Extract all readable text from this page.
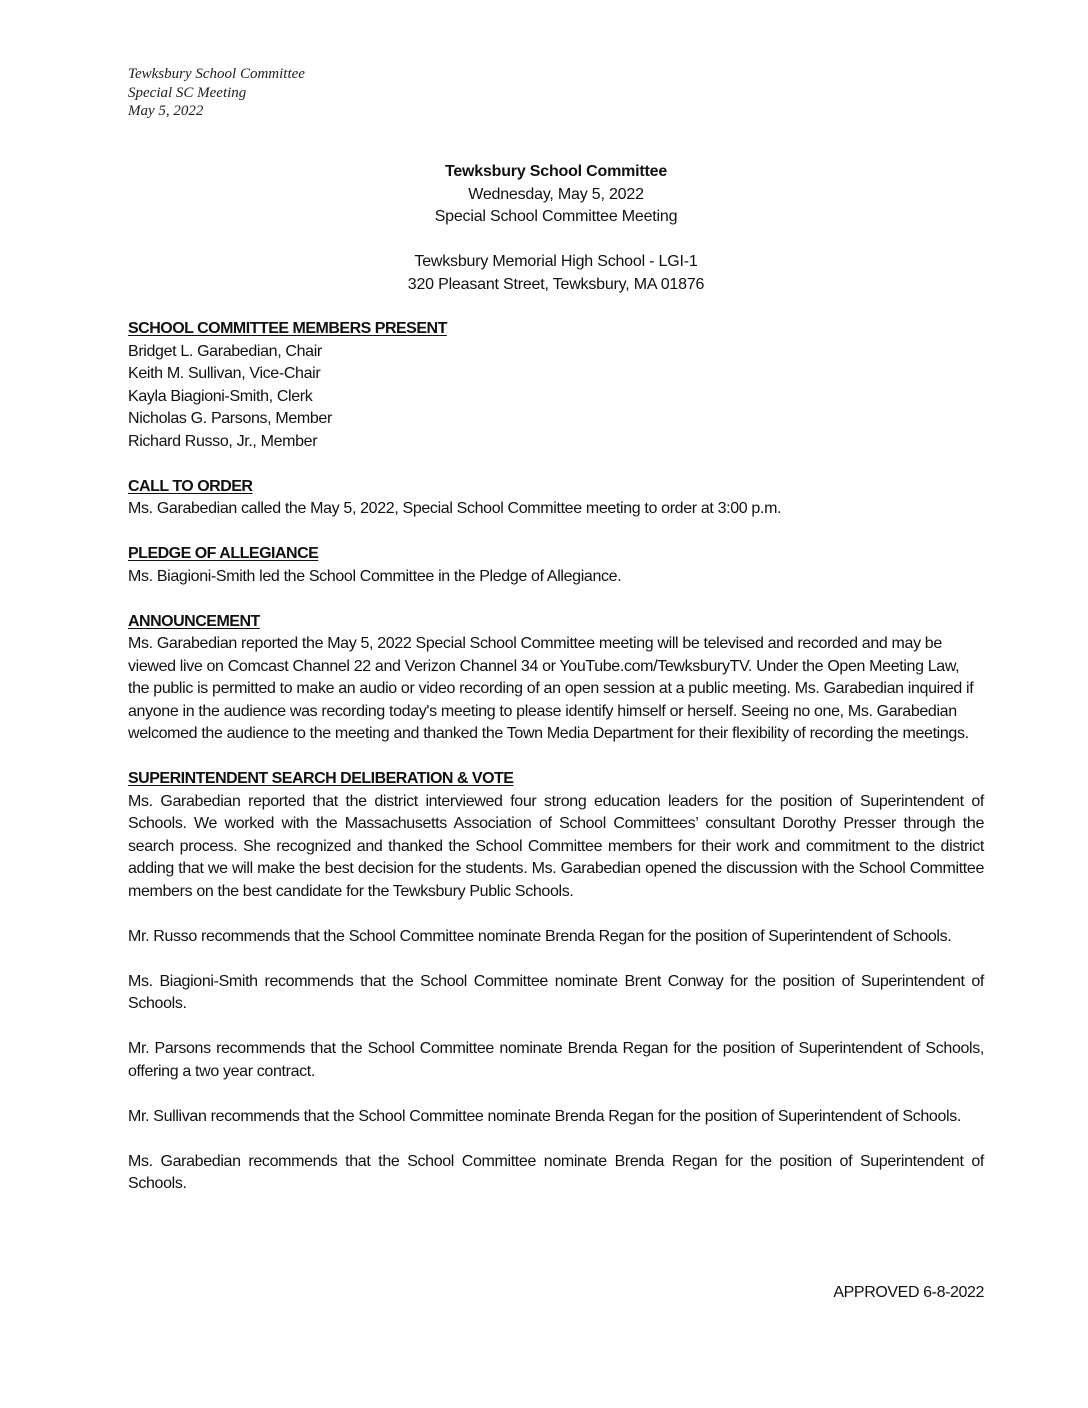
Tewksbury School Committee
Special SC Meeting
May 5, 2022
Tewksbury School Committee
Wednesday, May 5, 2022
Special School Committee Meeting
Tewksbury Memorial High School - LGI-1
320 Pleasant Street, Tewksbury, MA 01876
SCHOOL COMMITTEE MEMBERS PRESENT
Bridget L. Garabedian, Chair
Keith M. Sullivan, Vice-Chair
Kayla Biagioni-Smith, Clerk
Nicholas G. Parsons, Member
Richard Russo, Jr., Member
CALL TO ORDER
Ms. Garabedian called the May 5, 2022, Special School Committee meeting to order at 3:00 p.m.
PLEDGE OF ALLEGIANCE
Ms. Biagioni-Smith led the School Committee in the Pledge of Allegiance.
ANNOUNCEMENT
Ms. Garabedian reported the May 5, 2022 Special School Committee meeting will be televised and recorded and may be viewed live on Comcast Channel 22 and Verizon Channel 34 or YouTube.com/TewksburyTV. Under the Open Meeting Law, the public is permitted to make an audio or video recording of an open session at a public meeting. Ms. Garabedian inquired if anyone in the audience was recording today's meeting to please identify himself or herself. Seeing no one, Ms. Garabedian welcomed the audience to the meeting and thanked the Town Media Department for their flexibility of recording the meetings.
SUPERINTENDENT SEARCH DELIBERATION & VOTE
Ms. Garabedian reported that the district interviewed four strong education leaders for the position of Superintendent of Schools. We worked with the Massachusetts Association of School Committees’ consultant Dorothy Presser through the search process. She recognized and thanked the School Committee members for their work and commitment to the district adding that we will make the best decision for the students. Ms. Garabedian opened the discussion with the School Committee members on the best candidate for the Tewksbury Public Schools.
Mr. Russo recommends that the School Committee nominate Brenda Regan for the position of Superintendent of Schools.
Ms. Biagioni-Smith recommends that the School Committee nominate Brent Conway for the position of Superintendent of Schools.
Mr. Parsons recommends that the School Committee nominate Brenda Regan for the position of Superintendent of Schools, offering a two year contract.
Mr. Sullivan recommends that the School Committee nominate Brenda Regan for the position of Superintendent of Schools.
Ms. Garabedian recommends that the School Committee nominate Brenda Regan for the position of Superintendent of Schools.
APPROVED 6-8-2022
